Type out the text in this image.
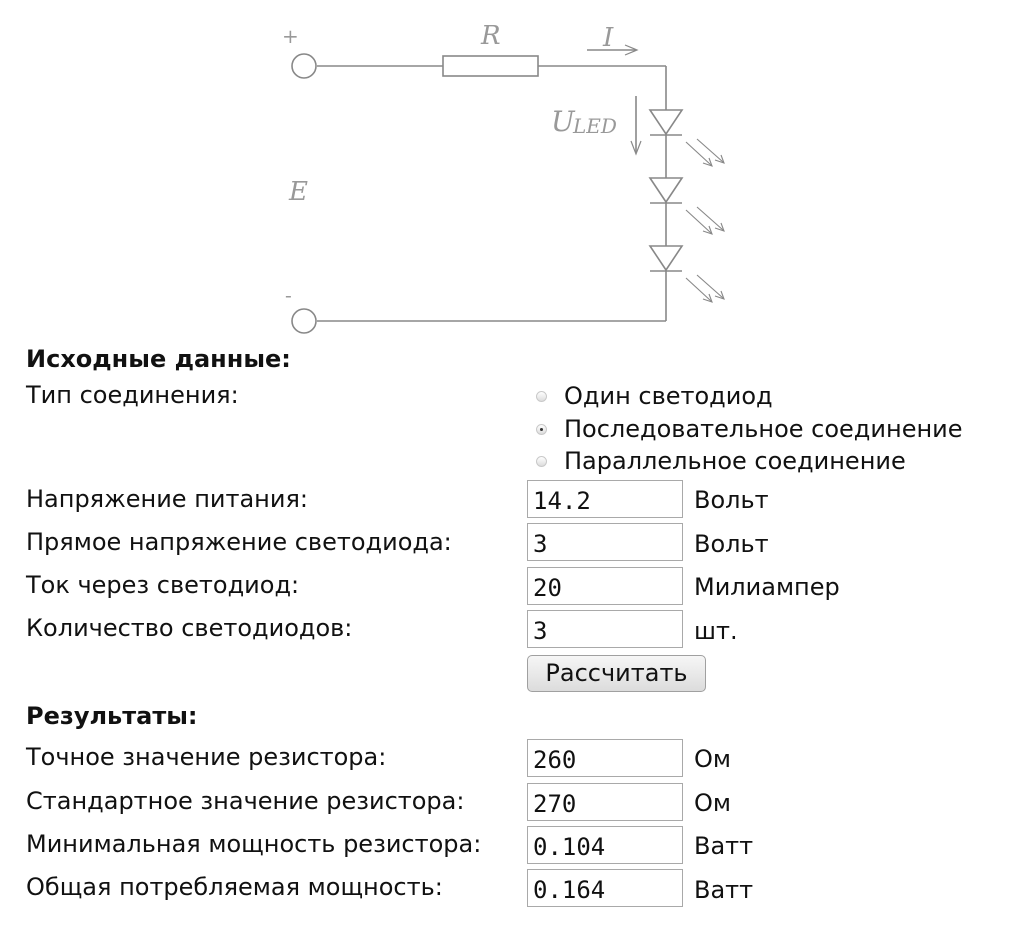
+
-
R	I
U
LED
E
Исходные данные:
Тип соединения:	Один светодиод
Последовательное соединение
Параллельное соединение
Напряжение питания:	14.2	Вольт
Прямое напряжение светодиода:	3	Вольт
Ток через светодиод:	20	Милиампер
Количество светодиодов:	3	шт.
Рассчитать
Результаты:
Точное значение резистора:	260	Ом
Стандартное значение резистора:	270	Ом
Минимальная мощность резистора: 0.104	Ватт
Общая потребляемая мощность:	0.164	Ватт
